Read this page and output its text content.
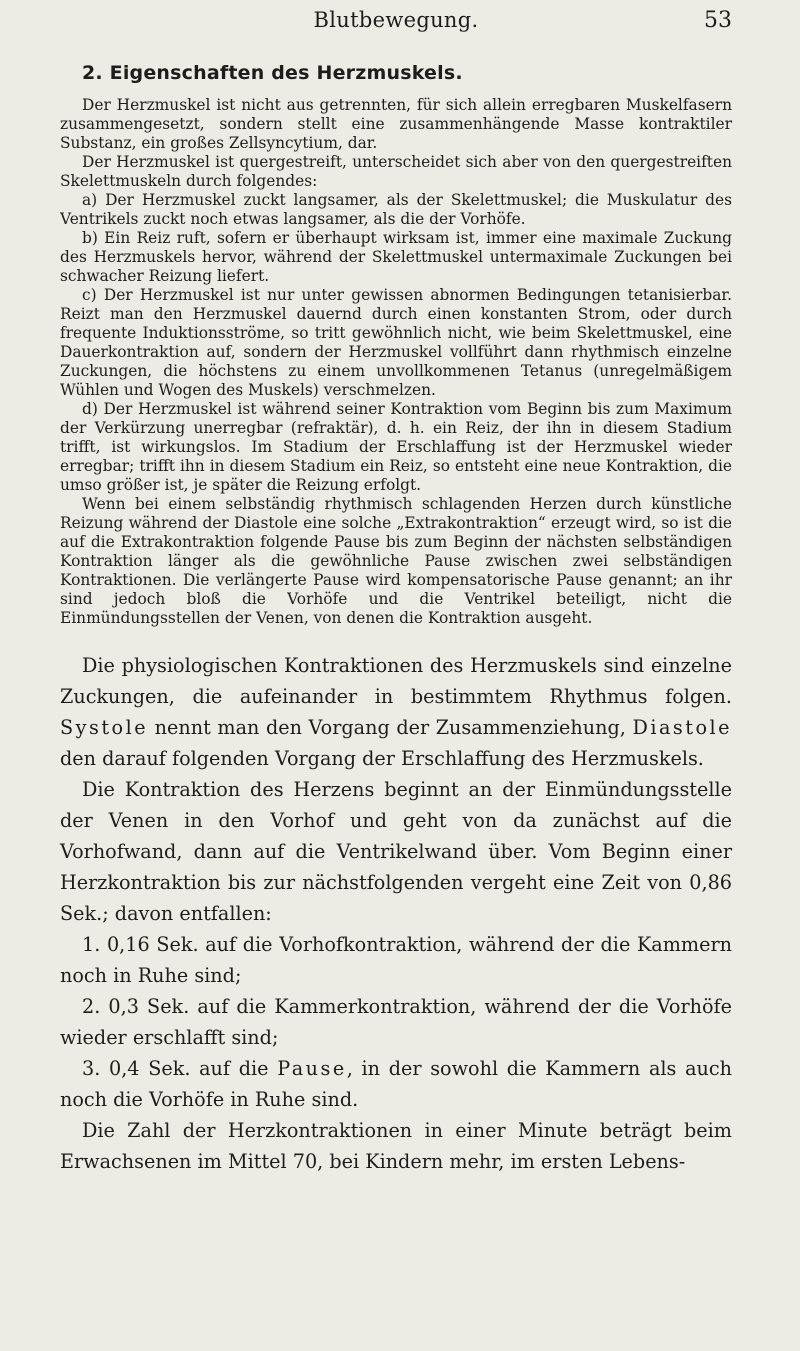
Blutbewegung.	53
2. Eigenschaften des Herzmuskels.

Der Herzmuskel ist nicht aus getrennten, für sich allein erregbaren Muskelfasern zusammengesetzt, sondern stellt eine zusammenhängende Masse kontraktiler Substanz, ein großes Zellsyncytium, dar.

Der Herzmuskel ist quergestreift, unterscheidet sich aber von den quergestreiften Skelettmuskeln durch folgendes:

a) Der Herzmuskel zuckt langsamer, als der Skelettmuskel; die Muskulatur des Ventrikels zuckt noch etwas langsamer, als die der Vorhöfe.

b) Ein Reiz ruft, sofern er überhaupt wirksam ist, immer eine maximale Zuckung des Herzmuskels hervor, während der Skelettmuskel untermaximale Zuckungen bei schwacher Reizung liefert.

c) Der Herzmuskel ist nur unter gewissen abnormen Bedingungen tetanisierbar. Reizt man den Herzmuskel dauernd durch einen konstanten Strom, oder durch frequente Induktionsströme, so tritt gewöhnlich nicht, wie beim Skelettmuskel, eine Dauerkontraktion auf, sondern der Herzmuskel vollführt dann rhythmisch einzelne Zuckungen, die höchstens zu einem unvollkommenen Tetanus (unregelmäßigem Wühlen und Wogen des Muskels) verschmelzen.

d) Der Herzmuskel ist während seiner Kontraktion vom Beginn bis zum Maximum der Verkürzung unerregbar (refraktär), d. h. ein Reiz, der ihn in diesem Stadium trifft, ist wirkungslos. Im Stadium der Erschlaffung ist der Herzmuskel wieder erregbar; trifft ihn in diesem Stadium ein Reiz, so entsteht eine neue Kontraktion, die umso größer ist, je später die Reizung erfolgt.

Wenn bei einem selbständig rhythmisch schlagenden Herzen durch künstliche Reizung während der Diastole eine solche „Extrakontraktion“ erzeugt wird, so ist die auf die Extrakontraktion folgende Pause bis zum Beginn der nächsten selbständigen Kontraktion länger als die gewöhnliche Pause zwischen zwei selbständigen Kontraktionen. Die verlängerte Pause wird kompensatorische Pause genannt; an ihr sind jedoch bloß die Vorhöfe und die Ventrikel beteiligt, nicht die Einmündungsstellen der Venen, von denen die Kontraktion ausgeht.

Die physiologischen Kontraktionen des Herzmuskels sind einzelne Zuckungen, die aufeinander in bestimmtem Rhythmus folgen. Systole nennt man den Vorgang der Zusammenziehung, Diastole den darauf folgenden Vorgang der Erschlaffung des Herzmuskels.

Die Kontraktion des Herzens beginnt an der Einmündungsstelle der Venen in den Vorhof und geht von da zunächst auf die Vorhofwand, dann auf die Ventrikelwand über. Vom Beginn einer Herzkontraktion bis zur nächstfolgenden vergeht eine Zeit von 0,86 Sek.; davon entfallen:

1. 0,16 Sek. auf die Vorhofkontraktion, während der die Kammern noch in Ruhe sind;

2. 0,3 Sek. auf die Kammerkontraktion, während der die Vorhöfe wieder erschlafft sind;

3. 0,4 Sek. auf die Pause, in der sowohl die Kammern als auch noch die Vorhöfe in Ruhe sind.

Die Zahl der Herzkontraktionen in einer Minute beträgt beim Erwachsenen im Mittel 70, bei Kindern mehr, im ersten Lebens-
